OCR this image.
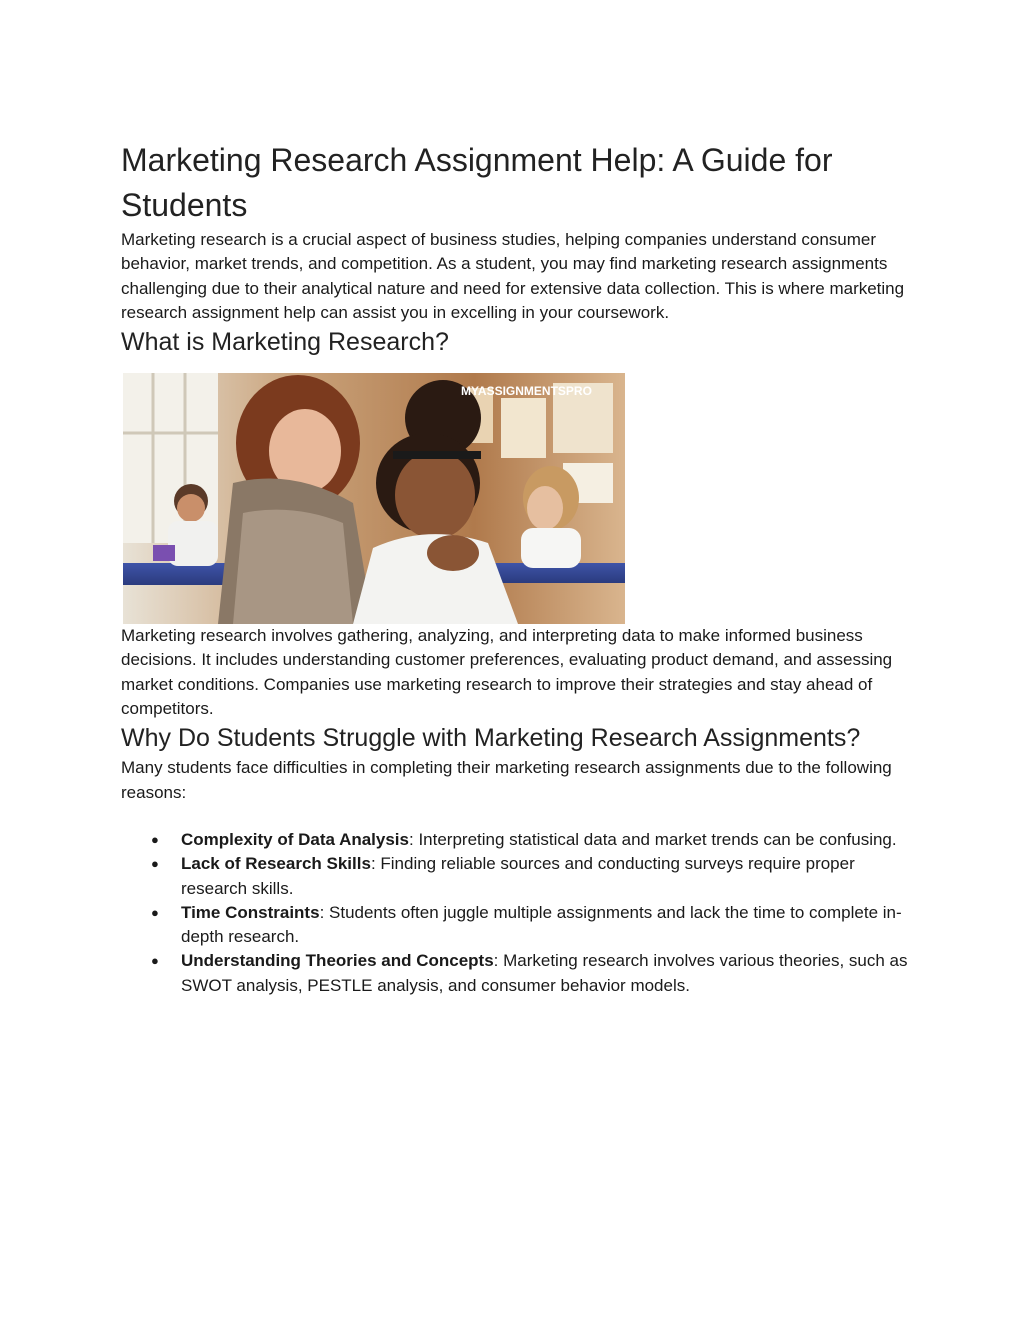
Marketing Research Assignment Help: A Guide for Students

Marketing research is a crucial aspect of business studies, helping companies understand consumer behavior, market trends, and competition. As a student, you may find marketing research assignments challenging due to their analytical nature and need for extensive data collection. This is where marketing research assignment help can assist you in excelling in your coursework.

What is Marketing Research?
MYASSIGNMENTSPRO

Marketing research involves gathering, analyzing, and interpreting data to make informed business decisions. It includes understanding customer preferences, evaluating product demand, and assessing market conditions. Companies use marketing research to improve their strategies and stay ahead of competitors.

Why Do Students Struggle with Marketing Research Assignments?

Many students face difficulties in completing their marketing research assignments due to the following reasons:

● Complexity of Data Analysis: Interpreting statistical data and market trends can be confusing.
● Lack of Research Skills: Finding reliable sources and conducting surveys require proper research skills.
● Time Constraints: Students often juggle multiple assignments and lack the time to complete in-depth research.
● Understanding Theories and Concepts: Marketing research involves various theories, such as SWOT analysis, PESTLE analysis, and consumer behavior models.
